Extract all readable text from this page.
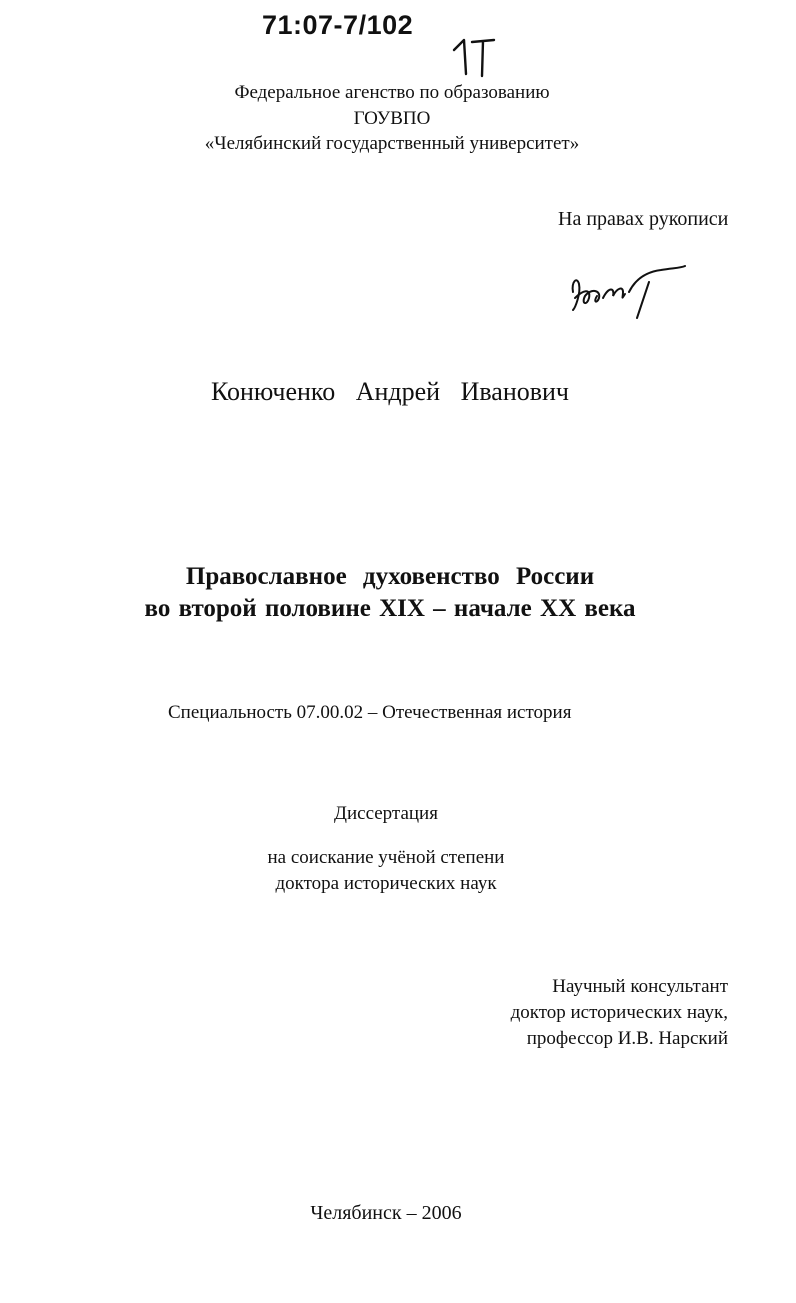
71:07-7/102
Федеральное агенство по образованию
ГОУВПО
«Челябинский государственный университет»
На правах рукописи
Конюченко Андрей Иванович
Православное духовенство России
во второй половине XIX – начале XX века
Специальность 07.00.02 – Отечественная история
Диссертация
на соискание учёной степени
доктора исторических наук
Научный консультант
доктор исторических наук,
профессор И.В. Нарский
Челябинск – 2006
